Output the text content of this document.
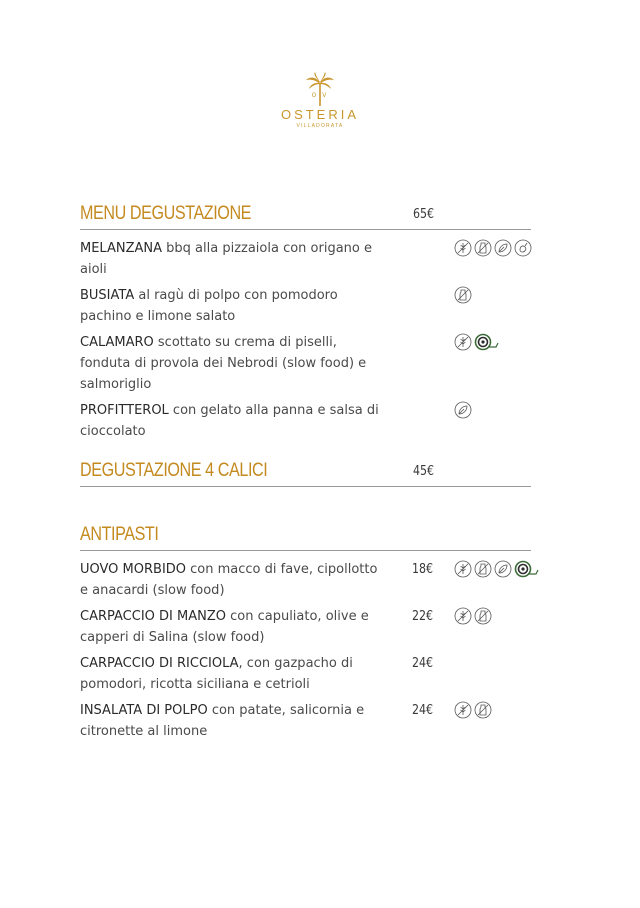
O V
OSTERIA
VILLADORATA
MENU DEGUSTAZIONE	65€
MELANZANA bbq alla pizzaiola con origano e aioli
BUSIATA al ragù di polpo con pomodoro pachino e limone salato
CALAMARO scottato su crema di piselli, fonduta di provola dei Nebrodi (slow food) e salmoriglio
PROFITTEROL con gelato alla panna e salsa di cioccolato
DEGUSTAZIONE 4 CALICI	45€
ANTIPASTI
UOVO MORBIDO con macco di fave, cipollotto e anacardi (slow food)
18€
CARPACCIO DI MANZO con capuliato, olive e capperi di Salina (slow food)
22€
CARPACCIO DI RICCIOLA, con gazpacho di pomodori, ricotta siciliana e cetrioli
24€
INSALATA DI POLPO con patate, salicornia e citronette al limone
24€
